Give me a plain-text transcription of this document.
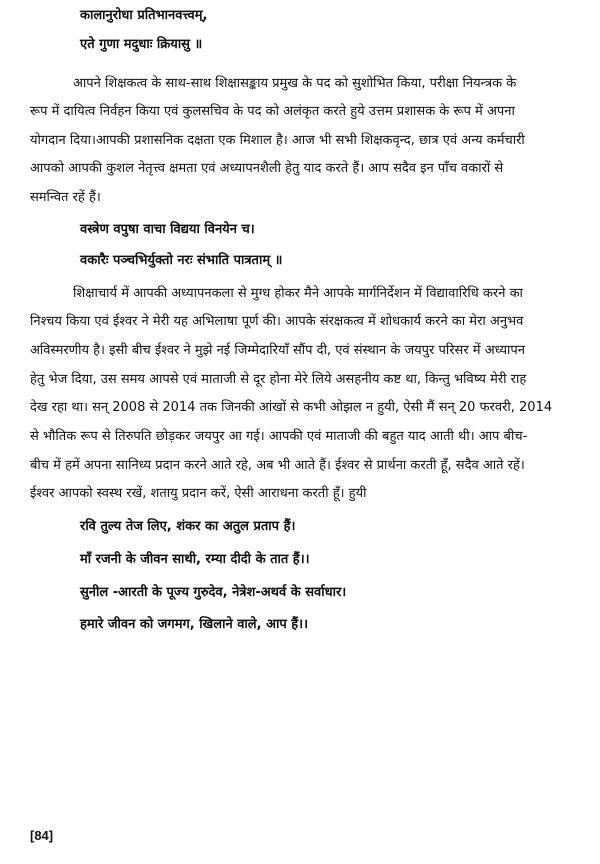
कालानुरोधा प्रतिभानवत्त्वम्,
एते गुणा मदुधाः क्रियासु ॥
आपने शिक्षकत्व के साथ-साथ शिक्षासङ्काय प्रमुख के पद को सुशोभित किया, परीक्षा नियन्त्रक के
रूप में दायित्व निर्वहन किया एवं कुलसचिव के पद को अलंकृत करते हुये उत्तम प्रशासक के रूप में अपना
योगदान दिया।आपकी प्रशासनिक दक्षता एक मिशाल है। आज भी सभी शिक्षकवृन्द, छात्र एवं अन्य कर्मचारी
आपको आपकी कुशल नेतृत्त्व क्षमता एवं अध्यापनशैली हेतु याद करते हैं। आप सदैव इन पाँच वकारों से
समन्वित रहें हैं।
वस्त्रेण वपुषा वाचा विद्यया विनयेन च।
वकारैः पञ्चभिर्युक्तो नरः संभाति पात्रताम् ॥
शिक्षाचार्य में आपकी अध्यापनकला से मुग्ध होकर मैने आपके मार्गनिर्देशन में विद्यावारिधि करने का
निश्चय किया एवं ईश्वर ने मेरी यह अभिलाषा पूर्ण की। आपके संरक्षकत्व में शोधकार्य करने का मेरा अनुभव
अविस्मरणीय है। इसी बीच ईश्वर ने मुझे नई जिम्मेदारियाँ सौंप दी, एवं संस्थान के जयपुर परिसर में अध्यापन
हेतु भेज दिया, उस समय आपसे एवं माताजी से दूर होना मेरे लिये असहनीय कष्ट था, किन्तु भविष्य मेरी राह
देख रहा था। सन् 2008 से 2014 तक जिनकी आंखों से कभी ओझल न हुयी, ऐसी मैं सन् 20 फरवरी, 2014
से भौतिक रूप से तिरुपति छोड़कर जयपुर आ गई। आपकी एवं माताजी की बहुत याद आती थी। आप बीच-
बीच में हमें अपना सानिध्य प्रदान करने आते रहे, अब भी आते हैं। ईश्वर से प्रार्थना करती हूँ, सदैव आते रहें।
ईश्वर आपको स्वस्थ रखें, शतायु प्रदान करें, ऐसी आराधना करती हूँ। हुयी
रवि तुल्य तेज लिए, शंकर का अतुल प्रताप हैं।
माँ रजनी के जीवन साथी, रम्या दीदी के तात हैं।।
सुनील -आरती के पूज्य गुरुदेव, नेत्रेश-अथर्व के सर्वाधार।
हमारे जीवन को जगमग, खिलाने वाले, आप हैं।।
[84]
